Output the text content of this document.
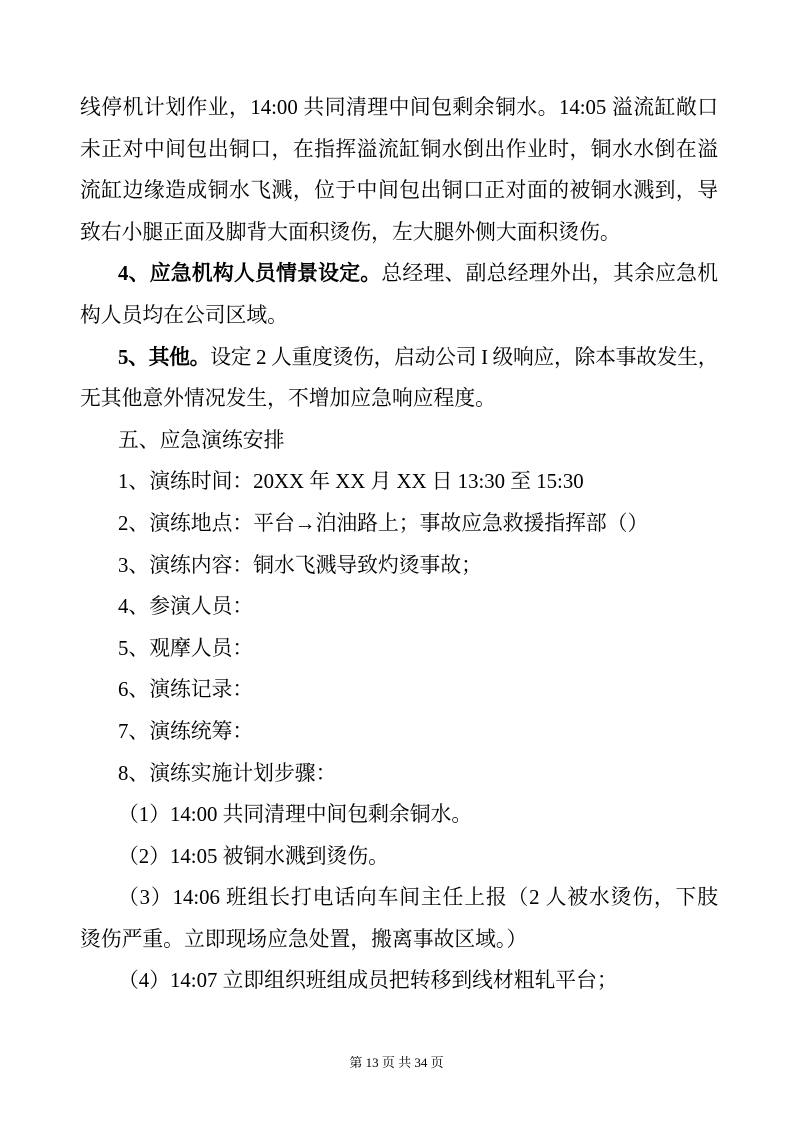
线停机计划作业，14:00 共同清理中间包剩余铜水。14:05 溢流缸敞口
未正对中间包出铜口，在指挥溢流缸铜水倒出作业时，铜水水倒在溢
流缸边缘造成铜水飞溅，位于中间包出铜口正对面的被铜水溅到，导
致右小腿正面及脚背大面积烫伤，左大腿外侧大面积烫伤。
4、应急机构人员情景设定。总经理、副总经理外出，其余应急机
构人员均在公司区域。
5、其他。设定 2 人重度烫伤，启动公司 I 级响应，除本事故发生，
无其他意外情况发生，不增加应急响应程度。
五、应急演练安排
1、演练时间：20XX 年 XX 月 XX 日 13:30 至 15:30
2、演练地点：平台→泊油路上；事故应急救援指挥部（）
3、演练内容：铜水飞溅导致灼烫事故；
4、参演人员：
5、观摩人员：
6、演练记录：
7、演练统筹：
8、演练实施计划步骤：
（1）14:00 共同清理中间包剩余铜水。
（2）14:05 被铜水溅到烫伤。
（3）14:06 班组长打电话向车间主任上报（2 人被水烫伤，下肢
烫伤严重。立即现场应急处置，搬离事故区域。）
（4）14:07 立即组织班组成员把转移到线材粗轧平台；
第 13 页 共 34 页
